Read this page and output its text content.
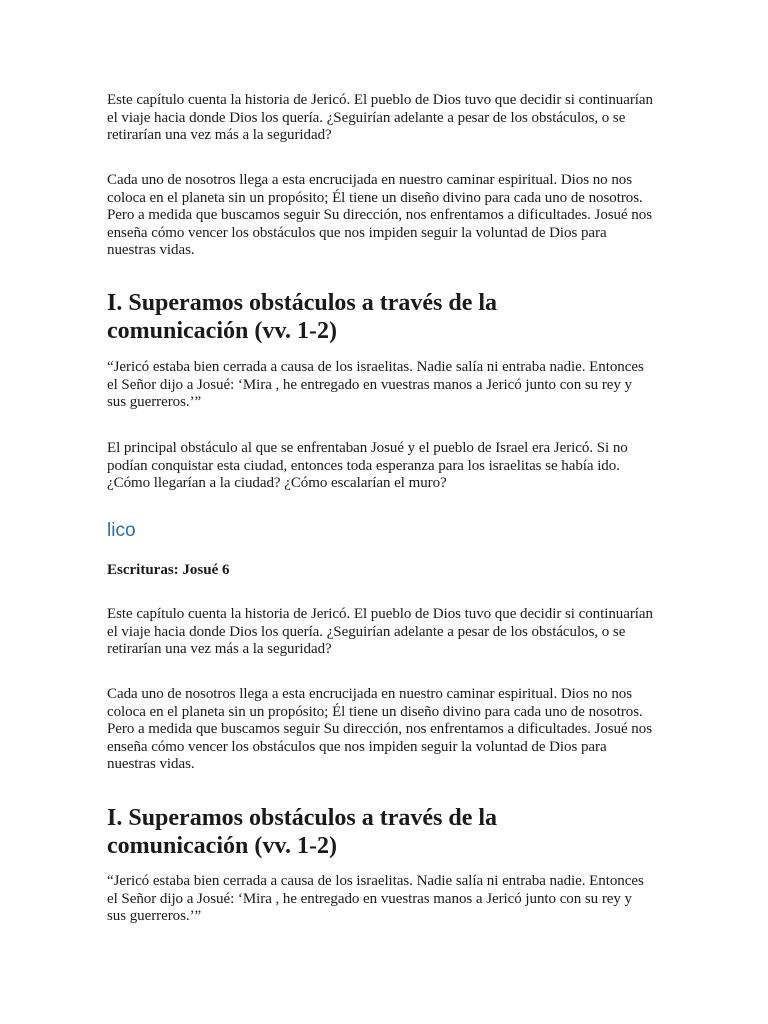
Este capítulo cuenta la historia de Jericó. El pueblo de Dios tuvo que decidir si continuarían el viaje hacia donde Dios los quería. ¿Seguirían adelante a pesar de los obstáculos, o se retirarían una vez más a la seguridad?

Cada uno de nosotros llega a esta encrucijada en nuestro caminar espiritual. Dios no nos coloca en el planeta sin un propósito; Él tiene un diseño divino para cada uno de nosotros. Pero a medida que buscamos seguir Su dirección, nos enfrentamos a dificultades. Josué nos enseña cómo vencer los obstáculos que nos impiden seguir la voluntad de Dios para nuestras vidas.

I. Superamos obstáculos a través de la comunicación (vv. 1-2)

“Jericó estaba bien cerrada a causa de los israelitas. Nadie salía ni entraba nadie. Entonces el Señor dijo a Josué: ‘Mira , he entregado en vuestras manos a Jericó junto con su rey y sus guerreros.’”

El principal obstáculo al que se enfrentaban Josué y el pueblo de Israel era Jericó. Si no podían conquistar esta ciudad, entonces toda esperanza para los israelitas se había ido. ¿Cómo llegarían a la ciudad? ¿Cómo escalarían el muro?

lico

Escrituras: Josué 6

Este capítulo cuenta la historia de Jericó. El pueblo de Dios tuvo que decidir si continuarían el viaje hacia donde Dios los quería. ¿Seguirían adelante a pesar de los obstáculos, o se retirarían una vez más a la seguridad?

Cada uno de nosotros llega a esta encrucijada en nuestro caminar espiritual. Dios no nos coloca en el planeta sin un propósito; Él tiene un diseño divino para cada uno de nosotros. Pero a medida que buscamos seguir Su dirección, nos enfrentamos a dificultades. Josué nos enseña cómo vencer los obstáculos que nos impiden seguir la voluntad de Dios para nuestras vidas.

I. Superamos obstáculos a través de la comunicación (vv. 1-2)

“Jericó estaba bien cerrada a causa de los israelitas. Nadie salía ni entraba nadie. Entonces el Señor dijo a Josué: ‘Mira , he entregado en vuestras manos a Jericó junto con su rey y sus guerreros.’”
